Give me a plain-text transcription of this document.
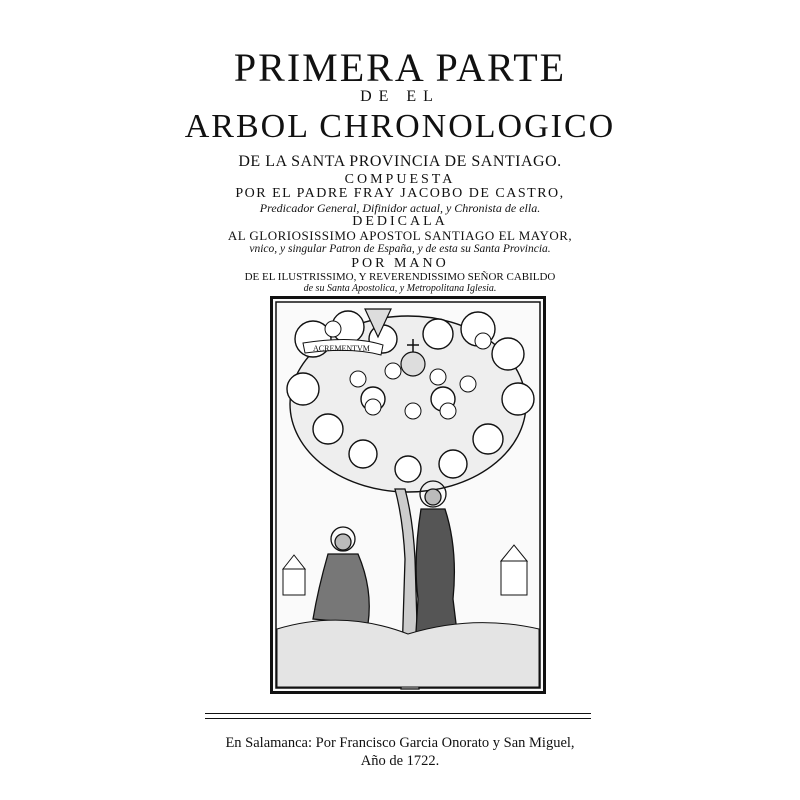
PRIMERA PARTE
DE EL
ARBOL CHRONOLOGICO
DE LA SANTA PROVINCIA DE SANTIAGO.
COMPUESTA
POR EL PADRE FRAY JACOBO DE CASTRO,
Predicador General, Difinidor actual, y Chronista de ella.
DEDICALA
AL GLORIOSISSIMO APOSTOL SANTIAGO EL MAYOR,
vnico, y singular Patron de España, y de esta su Santa Provincia.
POR MANO
DE EL ILUSTRISSIMO, Y REVERENDISSIMO SEÑOR CABILDO
de su Santa Apostolica, y Metropolitana Iglesia.
ACREMENTVM
En Salamanca: Por Francisco Garcia Onorato y San Miguel,
Año de 1722.
